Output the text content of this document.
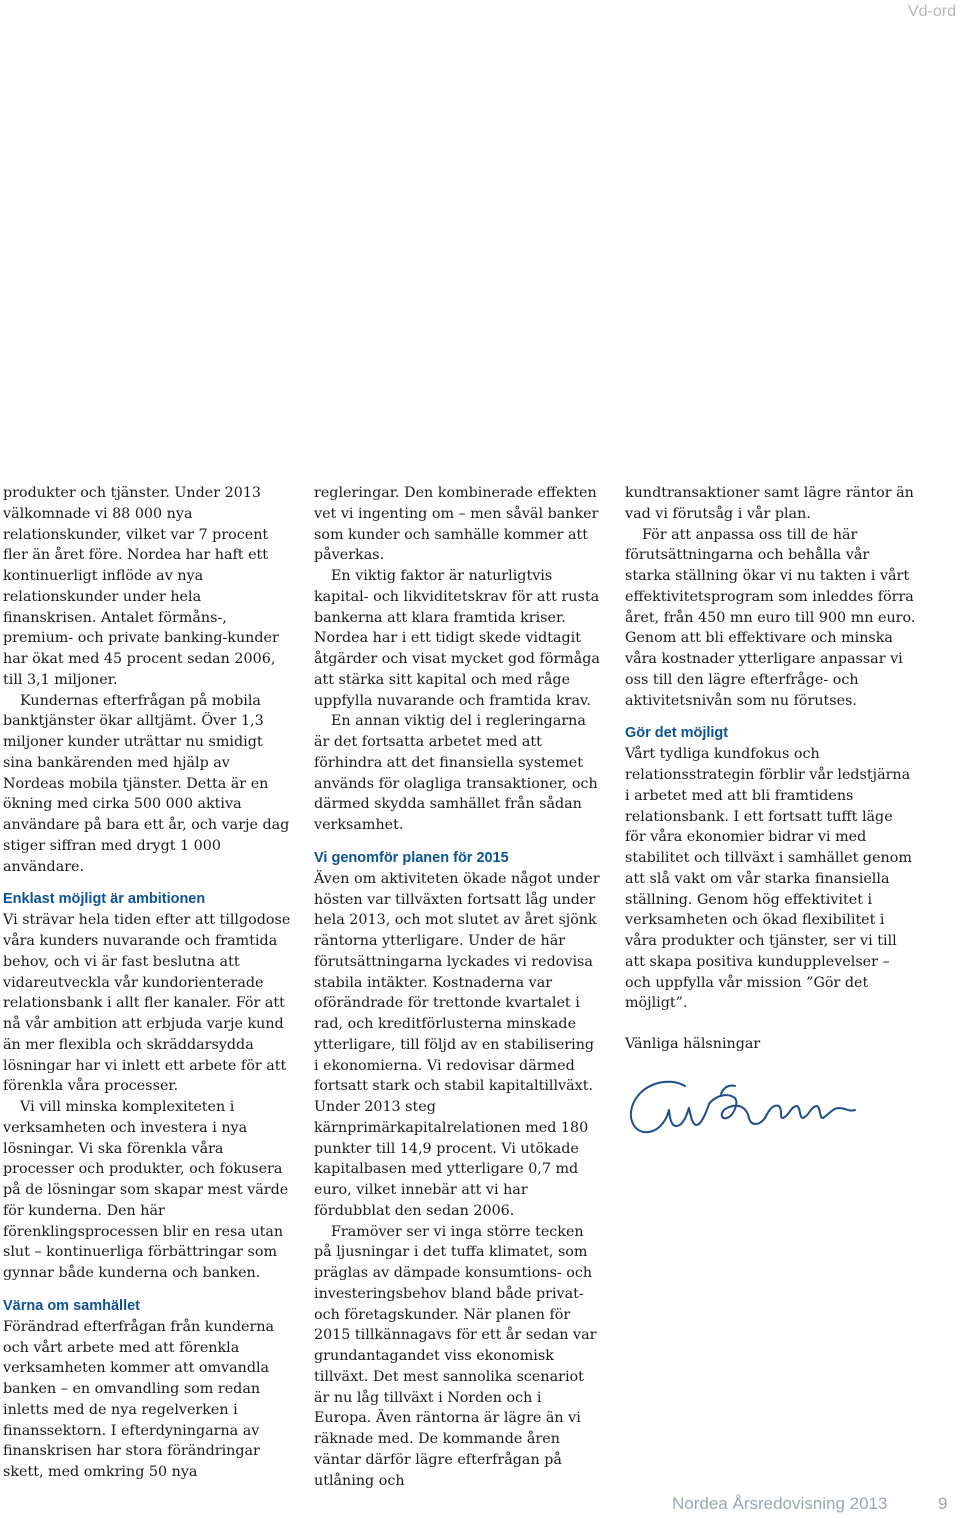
Vd-ord

produkter och tjänster. Under 2013 välkomnade vi 88 000 nya relationskunder, vilket var 7 procent fler än året före. Nordea har haft ett kontinuerligt inflöde av nya relationskunder under hela finanskrisen. Antalet förmåns-, premium- och private banking-kunder har ökat med 45 procent sedan 2006, till 3,1 miljoner.

Kundernas efterfrågan på mobila banktjänster ökar alltjämt. Över 1,3 miljoner kunder uträttar nu smidigt sina bankärenden med hjälp av Nordeas mobila tjänster. Detta är en ökning med cirka 500 000 aktiva användare på bara ett år, och varje dag stiger siffran med drygt 1 000 användare.

Enklast möjligt är ambitionen

Vi strävar hela tiden efter att tillgodose våra kunders nuvarande och framtida behov, och vi är fast beslutna att vidareutveckla vår kundorienterade relationsbank i allt fler kanaler. För att nå vår ambition att erbjuda varje kund än mer flexibla och skräddarsydda lösningar har vi inlett ett arbete för att förenkla våra processer.

Vi vill minska komplexiteten i verksamheten och investera i nya lösningar. Vi ska förenkla våra processer och produkter, och fokusera på de lösningar som skapar mest värde för kunderna. Den här förenklingsprocessen blir en resa utan slut – kontinuerliga förbättringar som gynnar både kunderna och banken.

Värna om samhället

Förändrad efterfrågan från kunderna och vårt arbete med att förenkla verksamheten kommer att omvandla banken – en omvandling som redan inletts med de nya regelverken i finanssektorn. I efterdyningarna av finanskrisen har stora förändringar skett, med omkring 50 nya

regleringar. Den kombinerade effekten vet vi ingenting om – men såväl banker som kunder och samhälle kommer att påverkas.

En viktig faktor är naturligtvis kapital- och likviditetskrav för att rusta bankerna att klara framtida kriser. Nordea har i ett tidigt skede vidtagit åtgärder och visat mycket god förmåga att stärka sitt kapital och med råge uppfylla nuvarande och framtida krav.

En annan viktig del i regleringarna är det fortsatta arbetet med att förhindra att det finansiella systemet används för olagliga transaktioner, och därmed skydda samhället från sådan verksamhet.

Vi genomför planen för 2015

Även om aktiviteten ökade något under hösten var tillväxten fortsatt låg under hela 2013, och mot slutet av året sjönk räntorna ytterligare. Under de här förutsättningarna lyckades vi redovisa stabila intäkter. Kostnaderna var oförändrade för trettonde kvartalet i rad, och kreditförlusterna minskade ytterligare, till följd av en stabilisering i ekonomierna. Vi redovisar därmed fortsatt stark och stabil kapitaltillväxt. Under 2013 steg kärnprimärkapitalrelationen med 180 punkter till 14,9 procent. Vi utökade kapitalbasen med ytterligare 0,7 md euro, vilket innebär att vi har fördubblat den sedan 2006.

Framöver ser vi inga större tecken på ljusningar i det tuffa klimatet, som präglas av dämpade konsumtions- och investeringsbehov bland både privat- och företagskunder. När planen för 2015 tillkännagavs för ett år sedan var grundantagandet viss ekonomisk tillväxt. Det mest sannolika scenariot är nu låg tillväxt i Norden och i Europa. Även räntorna är lägre än vi räknade med. De kommande åren väntar därför lägre efterfrågan på utlåning och

kundtransaktioner samt lägre räntor än vad vi förutsåg i vår plan.

För att anpassa oss till de här förutsättningarna och behålla vår starka ställning ökar vi nu takten i vårt effektivitetsprogram som inleddes förra året, från 450 mn euro till 900 mn euro. Genom att bli effektivare och minska våra kostnader ytterligare anpassar vi oss till den lägre efterfråge- och aktivitetsnivån som nu förutses.

Gör det möjligt

Vårt tydliga kundfokus och relationsstrategin förblir vår ledstjärna i arbetet med att bli framtidens relationsbank. I ett fortsatt tufft läge för våra ekonomier bidrar vi med stabilitet och tillväxt i samhället genom att slå vakt om vår starka finansiella ställning. Genom hög effektivitet i verksamheten och ökad flexibilitet i våra produkter och tjänster, ser vi till att skapa positiva kundupplevelser – och uppfylla vår mission ”Gör det möjligt”.

Vänliga hälsningar

Nordea Årsredovisning 2013	9
